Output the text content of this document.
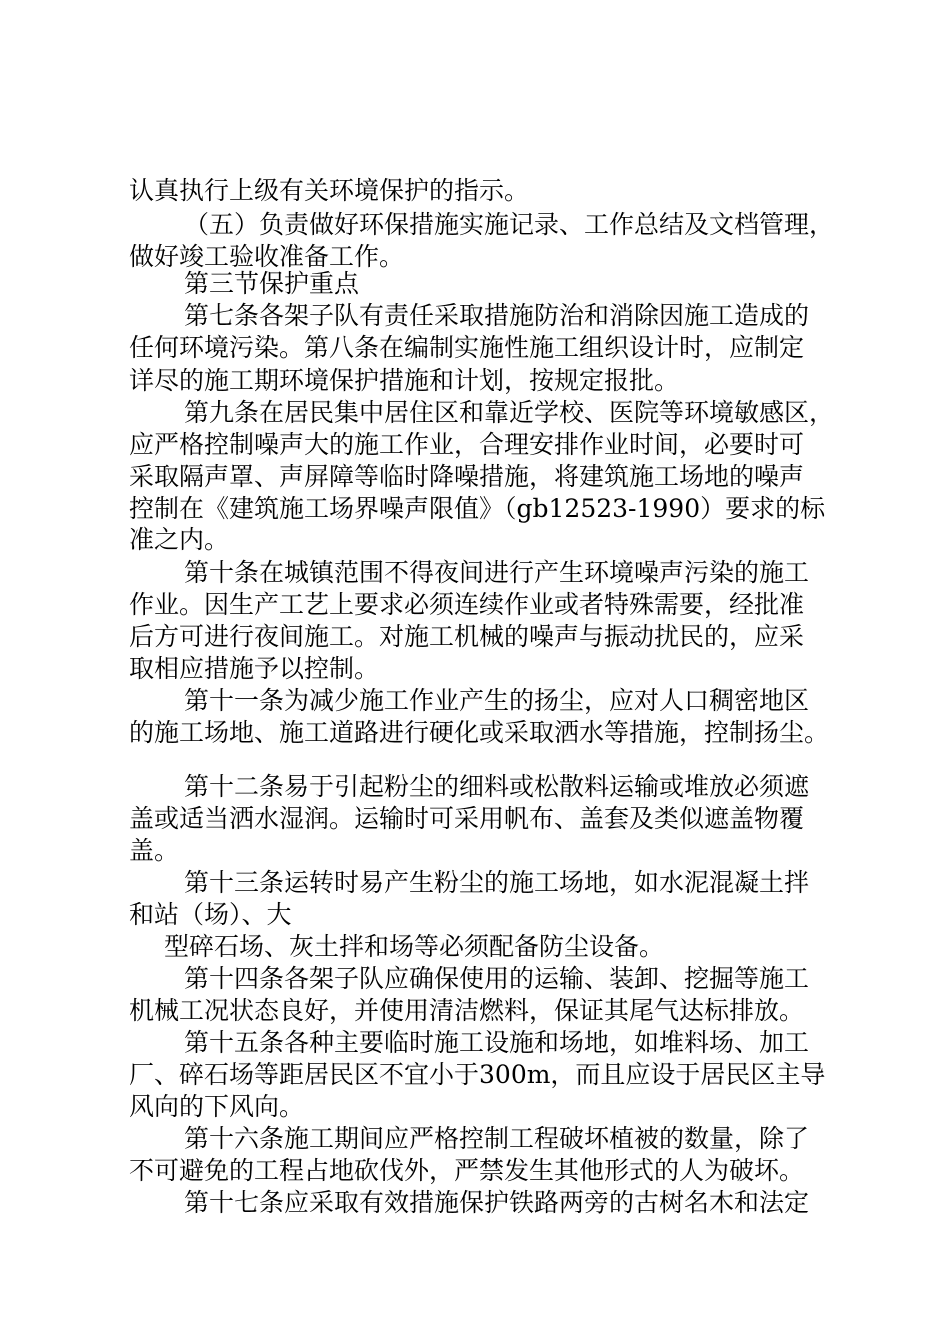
认真执行上级有关环境保护的指示。
（五）负责做好环保措施实施记录、工作总结及文档管理，
做好竣工验收准备工作。
第三节保护重点
第七条各架子队有责任采取措施防治和消除因施工造成的
任何环境污染。第八条在编制实施性施工组织设计时，应制定
详尽的施工期环境保护措施和计划，按规定报批。
第九条在居民集中居住区和靠近学校、医院等环境敏感区，
应严格控制噪声大的施工作业，合理安排作业时间，必要时可
采取隔声罩、声屏障等临时降噪措施，将建筑施工场地的噪声
控制在《建筑施工场界噪声限值》（gb12523-1990）要求的标
准之内。
第十条在城镇范围不得夜间进行产生环境噪声污染的施工
作业。因生产工艺上要求必须连续作业或者特殊需要，经批准
后方可进行夜间施工。对施工机械的噪声与振动扰民的，应采
取相应措施予以控制。
第十一条为减少施工作业产生的扬尘，应对人口稠密地区
的施工场地、施工道路进行硬化或采取洒水等措施，控制扬尘。
第十二条易于引起粉尘的细料或松散料运输或堆放必须遮
盖或适当洒水湿润。运输时可采用帆布、盖套及类似遮盖物覆
盖。
第十三条运转时易产生粉尘的施工场地，如水泥混凝土拌
和站（场）、大
型碎石场、灰土拌和场等必须配备防尘设备。
第十四条各架子队应确保使用的运输、装卸、挖掘等施工
机械工况状态良好，并使用清洁燃料，保证其尾气达标排放。
第十五条各种主要临时施工设施和场地，如堆料场、加工
厂、碎石场等距居民区不宜小于300m，而且应设于居民区主导
风向的下风向。
第十六条施工期间应严格控制工程破坏植被的数量，除了
不可避免的工程占地砍伐外，严禁发生其他形式的人为破坏。
第十七条应采取有效措施保护铁路两旁的古树名木和法定
